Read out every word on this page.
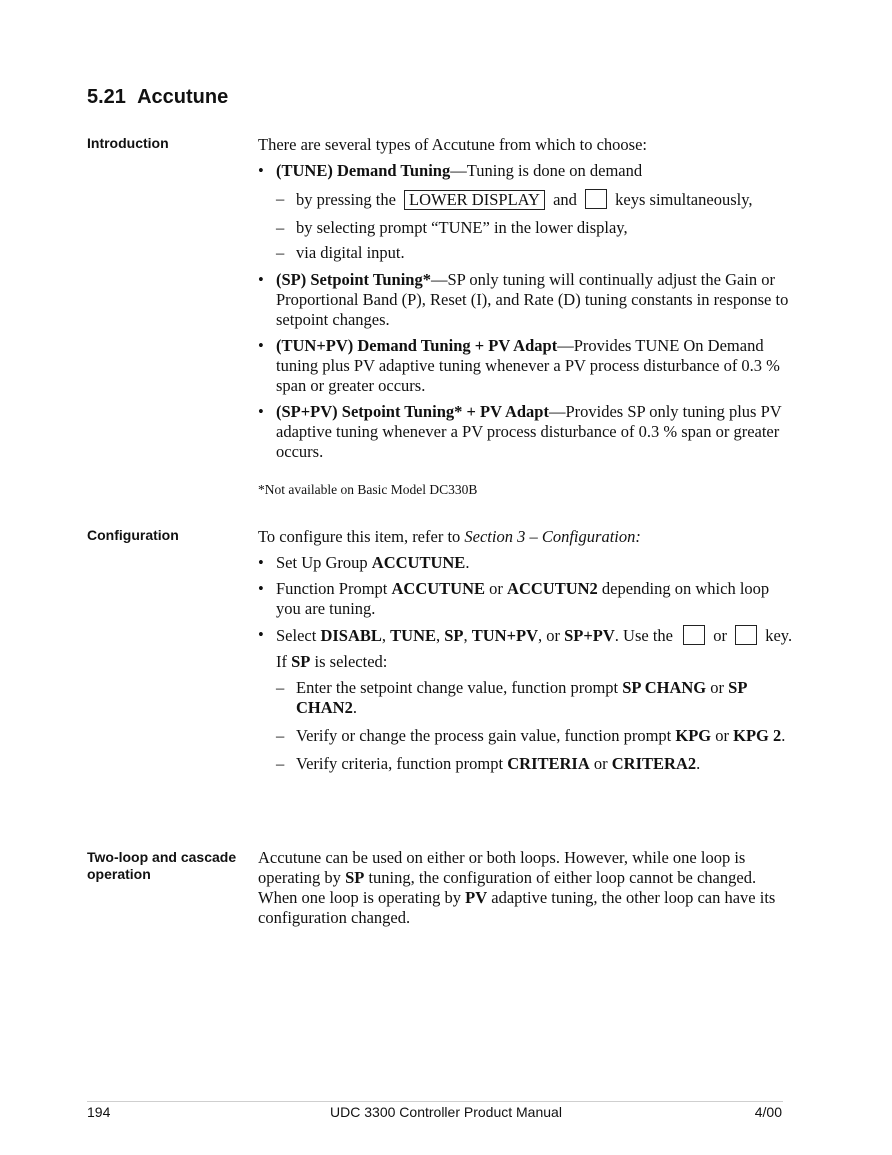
5.21 Accutune
Introduction	There are several types of Accutune from which to choose:

• (TUNE) Demand Tuning—Tuning is done on demand
– by pressing the LOWER DISPLAY and keys simultaneously,
– by selecting prompt “TUNE” in the lower display,
– via digital input.
• (SP) Setpoint Tuning*—SP only tuning will continually adjust the Gain or Proportional Band (P), Reset (I), and Rate (D) tuning constants in response to setpoint changes.
• (TUN+PV) Demand Tuning + PV Adapt—Provides TUNE On Demand tuning plus PV adaptive tuning whenever a PV process disturbance of 0.3 % span or greater occurs.
• (SP+PV) Setpoint Tuning* + PV Adapt—Provides SP only tuning plus PV adaptive tuning whenever a PV process disturbance of 0.3 % span or greater occurs.

*Not available on Basic Model DC330B

Configuration	To configure this item, refer to Section 3 – Configuration:

• Set Up Group ACCUTUNE.
• Function Prompt ACCUTUNE or ACCUTUN2 depending on which loop you are tuning.
• Select DISABL, TUNE, SP, TUN+PV, or SP+PV. Use the or key.

If SP is selected:

– Enter the setpoint change value, function prompt SP CHANG or SP CHAN2.
– Verify or change the process gain value, function prompt KPG or KPG 2.
– Verify criteria, function prompt CRITERIA or CRITERA2.
Two-loop and cascade
operation

Accutune can be used on either or both loops. However, while one loop is operating by SP tuning, the configuration of either loop cannot be changed. When one loop is operating by PV adaptive tuning, the other loop can have its configuration changed.

194	UDC 3300 Controller Product Manual	4/00
